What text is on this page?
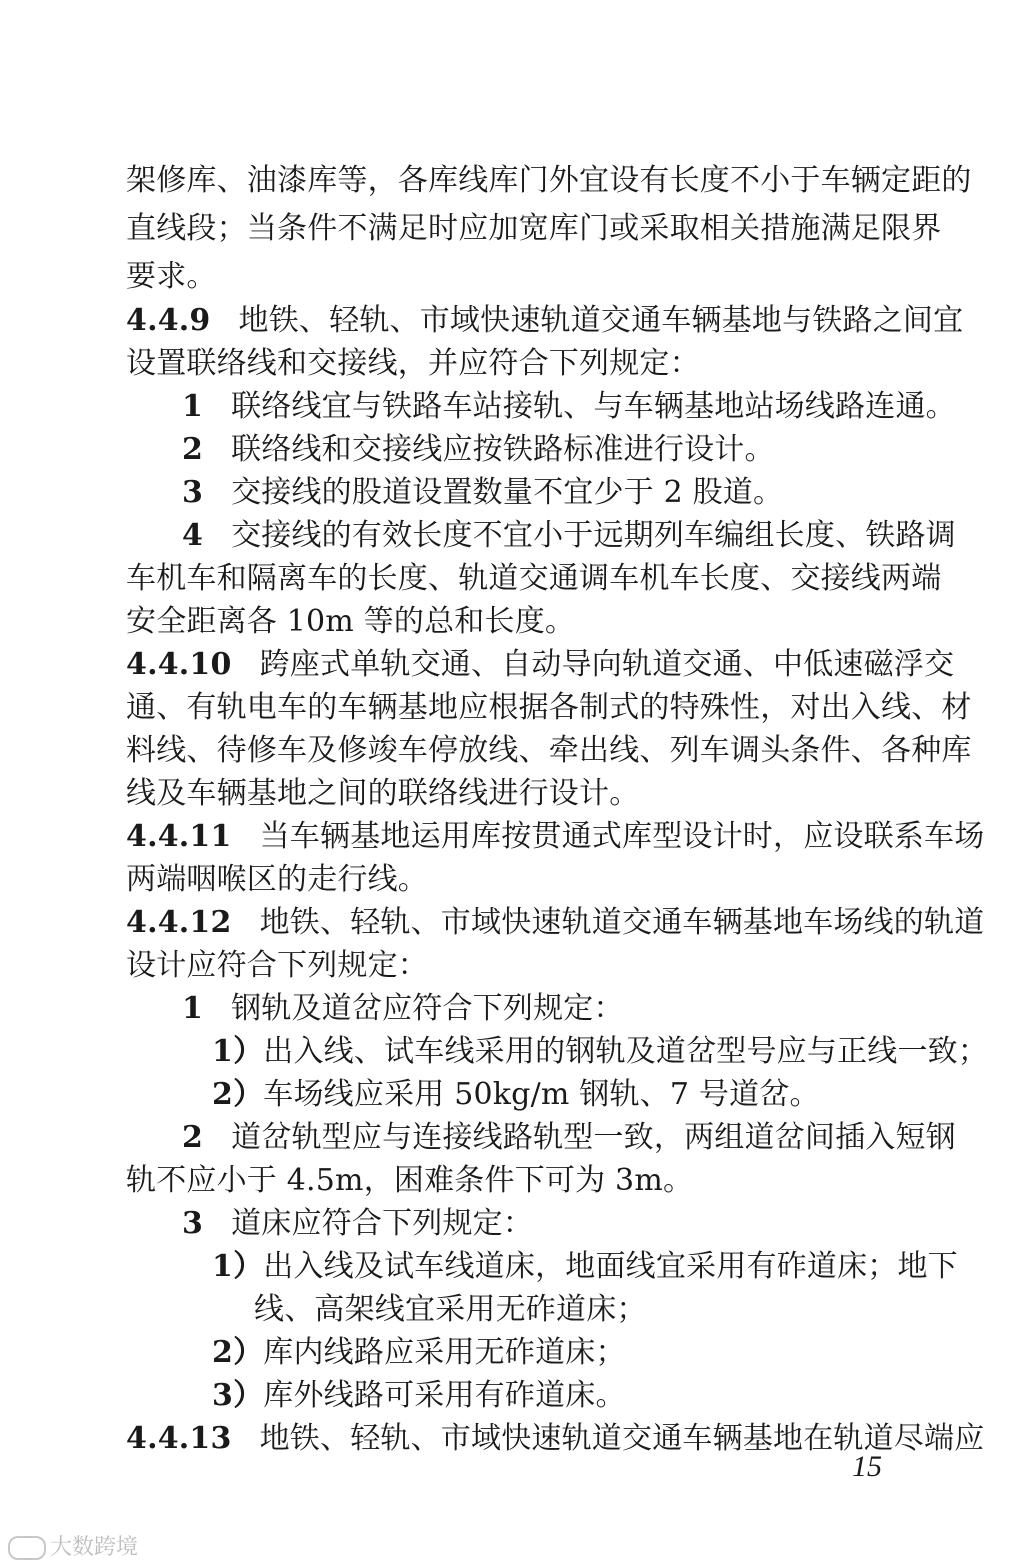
架修库、油漆库等，各库线库门外宜设有长度不小于车辆定距的
直线段；当条件不满足时应加宽库门或采取相关措施满足限界
要求。
4.4.9 地铁、轻轨、市域快速轨道交通车辆基地与铁路之间宜
设置联络线和交接线，并应符合下列规定：
1 联络线宜与铁路车站接轨、与车辆基地站场线路连通。
2 联络线和交接线应按铁路标准进行设计。
3 交接线的股道设置数量不宜少于 2 股道。
4 交接线的有效长度不宜小于远期列车编组长度、铁路调
车机车和隔离车的长度、轨道交通调车机车长度、交接线两端
安全距离各 10m 等的总和长度。
4.4.10 跨座式单轨交通、自动导向轨道交通、中低速磁浮交
通、有轨电车的车辆基地应根据各制式的特殊性，对出入线、材
料线、待修车及修竣车停放线、牵出线、列车调头条件、各种库
线及车辆基地之间的联络线进行设计。
4.4.11 当车辆基地运用库按贯通式库型设计时，应设联系车场
两端咽喉区的走行线。
4.4.12 地铁、轻轨、市域快速轨道交通车辆基地车场线的轨道
设计应符合下列规定：
1 钢轨及道岔应符合下列规定：
1）出入线、试车线采用的钢轨及道岔型号应与正线一致；
2）车场线应采用 50kg/m 钢轨、7 号道岔。
2 道岔轨型应与连接线路轨型一致，两组道岔间插入短钢
轨不应小于 4.5m，困难条件下可为 3m。
3 道床应符合下列规定：
1）出入线及试车线道床，地面线宜采用有砟道床；地下
线、高架线宜采用无砟道床；
2）库内线路应采用无砟道床；
3）库外线路可采用有砟道床。
4.4.13 地铁、轻轨、市域快速轨道交通车辆基地在轨道尽端应
15
大数跨境
